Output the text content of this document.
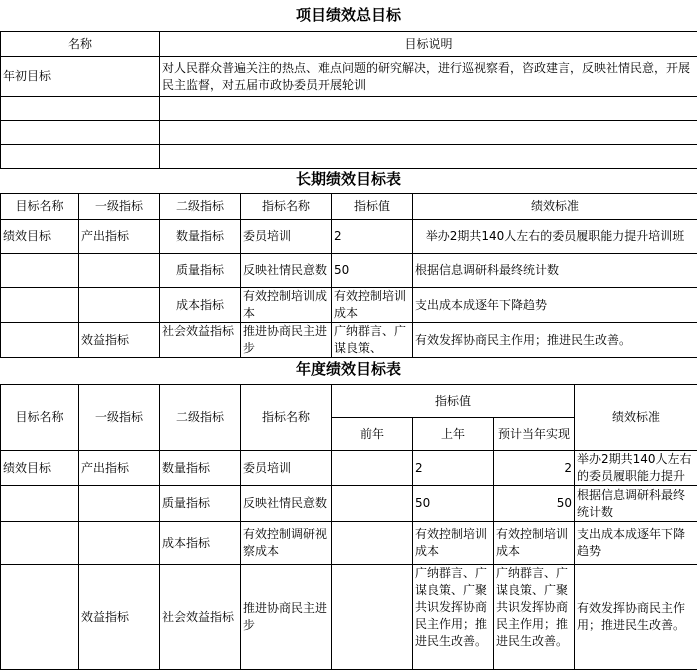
项目绩效总目标
名称	目标说明
年初目标	对人民群众普遍关注的热点、难点问题的研究解决，进行巡视察看，咨政建言，反映社情民意，开展民主监督，对五届市政协委员开展轮训

长期绩效目标表
目标名称	一级指标	二级指标	指标名称	指标值	绩效标准
绩效目标	产出指标	数量指标	委员培训	2	举办2期共140人左右的委员履职能力提升培训班
		质量指标	反映社情民意数	50	根据信息调研科最终统计数
		成本指标	有效控制培训成本	有效控制培训成本	支出成本成逐年下降趋势
	效益指标	社会效益指标	推进协商民主进步	广纳群言、广谋良策、	有效发挥协商民主作用；推进民生改善。
年度绩效目标表
目标名称	一级指标	二级指标	指标名称	指标值			绩效标准
				前年	上年	预计当年实现	
绩效目标	产出指标	数量指标	委员培训		2	2	举办2期共140人左右的委员履职能力提升

		质量指标	反映社情民意数		50	50	根据信息调研科最终统计数
		成本指标	有效控制调研视察成本		有效控制培训成本	有效控制培训成本	支出成本成逐年下降趋势
	效益指标	社会效益指标	推进协商民主进步		广纳群言、广谋良策、广聚共识发挥协商民主作用；推进民生改善。	广纳群言、广谋良策、广聚共识发挥协商民主作用；推进民生改善。	有效发挥协商民主作用；推进民生改善。
